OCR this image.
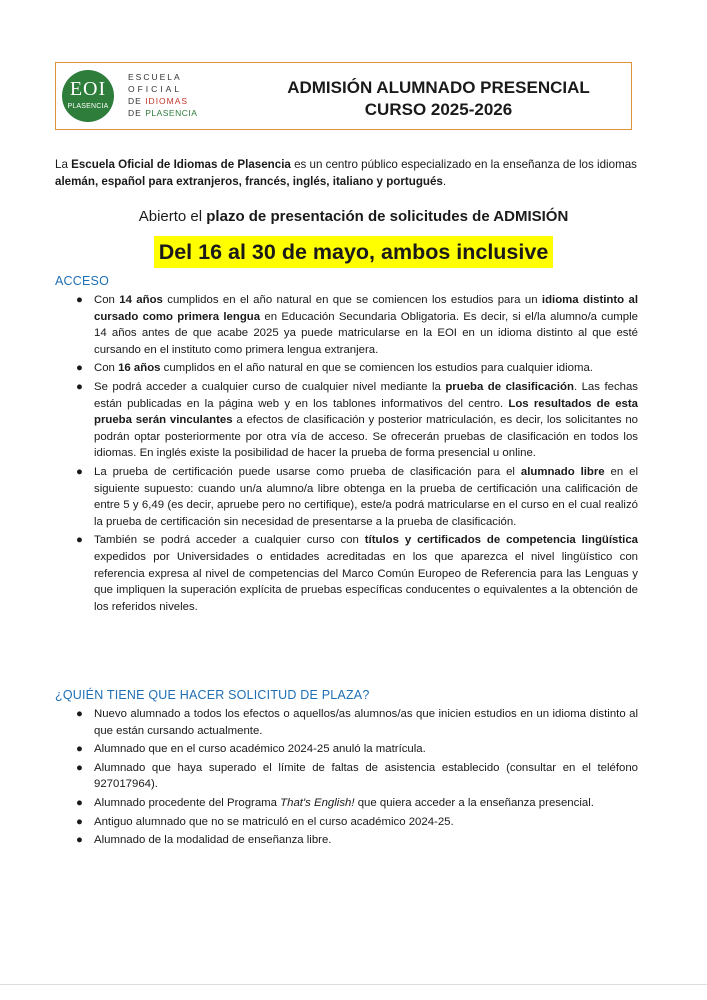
EOI
PLASENCIA
ESCUELA
OFICIAL
DE IDIOMAS
DE PLASENCIA
ADMISIÓN ALUMNADO PRESENCIAL
CURSO 2025-2026
La Escuela Oficial de Idiomas de Plasencia es un centro público especializado en la enseñanza de los idiomas alemán, español para extranjeros, francés, inglés, italiano y portugués.
Abierto el plazo de presentación de solicitudes de ADMISIÓN
Del 16 al 30 de mayo, ambos inclusive
ACCESO
● Con 14 años cumplidos en el año natural en que se comiencen los estudios para un idioma distinto al cursado como primera lengua en Educación Secundaria Obligatoria. Es decir, si el/la alumno/a cumple 14 años antes de que acabe 2025 ya puede matricularse en la EOI en un idioma distinto al que esté cursando en el instituto como primera lengua extranjera.
● Con 16 años cumplidos en el año natural en que se comiencen los estudios para cualquier idioma.
● Se podrá acceder a cualquier curso de cualquier nivel mediante la prueba de clasificación. Las fechas están publicadas en la página web y en los tablones informativos del centro. Los resultados de esta prueba serán vinculantes a efectos de clasificación y posterior matriculación, es decir, los solicitantes no podrán optar posteriormente por otra vía de acceso. Se ofrecerán pruebas de clasificación en todos los idiomas. En inglés existe la posibilidad de hacer la prueba de forma presencial u online.
● La prueba de certificación puede usarse como prueba de clasificación para el alumnado libre en el siguiente supuesto: cuando un/a alumno/a libre obtenga en la prueba de certificación una calificación de entre 5 y 6,49 (es decir, apruebe pero no certifique), este/a podrá matricularse en el curso en el cual realizó la prueba de certificación sin necesidad de presentarse a la prueba de clasificación.
● También se podrá acceder a cualquier curso con títulos y certificados de competencia lingüística expedidos por Universidades o entidades acreditadas en los que aparezca el nivel lingüístico con referencia expresa al nivel de competencias del Marco Común Europeo de Referencia para las Lenguas y que impliquen la superación explícita de pruebas específicas conducentes o equivalentes a la obtención de los referidos niveles.
¿QUIÉN TIENE QUE HACER SOLICITUD DE PLAZA?
● Nuevo alumnado a todos los efectos o aquellos/as alumnos/as que inicien estudios en un idioma distinto al que están cursando actualmente.
● Alumnado que en el curso académico 2024-25 anuló la matrícula.
● Alumnado que haya superado el límite de faltas de asistencia establecido (consultar en el teléfono 927017964).
● Alumnado procedente del Programa That's English! que quiera acceder a la enseñanza presencial.
● Antiguo alumnado que no se matriculó en el curso académico 2024-25.
● Alumnado de la modalidad de enseñanza libre.
